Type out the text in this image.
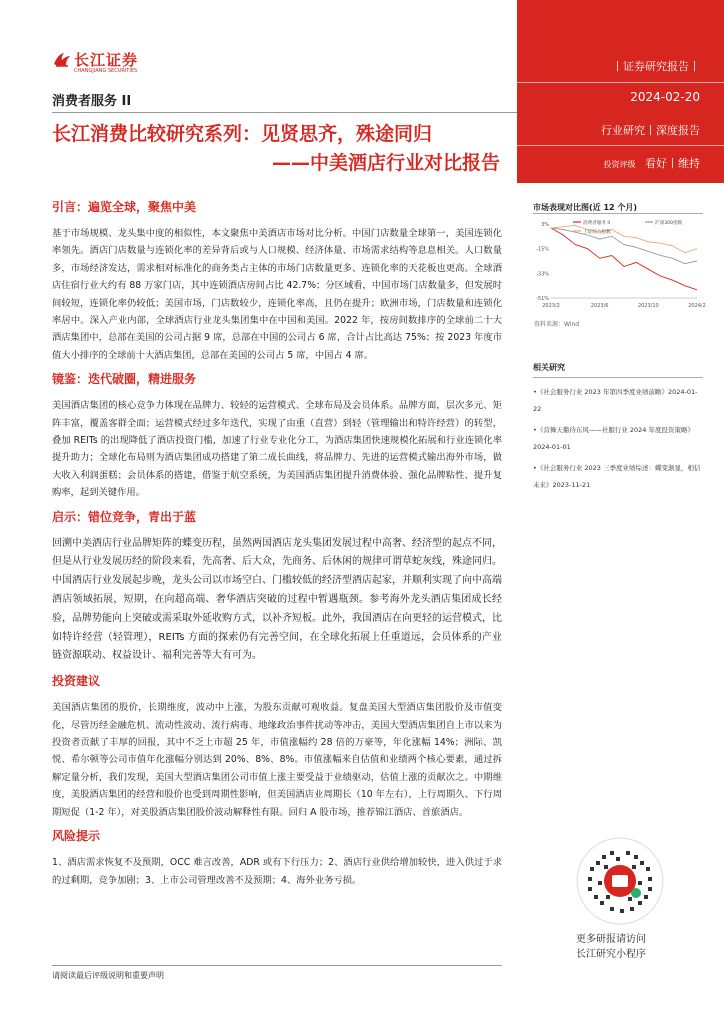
丨证券研究报告丨
2024-02-20
行业研究丨深度报告
投资评级 看好丨维持
长江证券
CHANGJIANG SECURITIES
消费者服务 II
长江消费比较研究系列：见贤思齐，殊途同归
——中美酒店行业对比报告
引言：遍览全球，聚焦中美

基于市场规模、龙头集中度的相似性，本文聚焦中美酒店市场对比分析。中国门店数量全球第一，美国连锁化率领先。酒店门店数量与连锁化率的差异背后或与人口规模、经济体量、市场需求结构等息息相关。人口数量多，市场经济发达，需求相对标准化的商务类占主体的市场门店数量更多、连锁化率的天花板也更高。全球酒店住宿行业大约有 88 万家门店，其中连锁酒店房间占比 42.7%；分区域看，中国市场门店数量多，但发展时间较短，连锁化率仍较低；美国市场，门店数较少，连锁化率高，且仍在提升；欧洲市场，门店数量和连锁化率居中。深入产业内部，全球酒店行业龙头集团集中在中国和美国。2022 年，按房间数排序的全球前二十大酒店集团中，总部在美国的公司占据 9 席，总部在中国的公司占 6 席，合计占比高达 75%；按 2023 年度市值大小排序的全球前十大酒店集团，总部在美国的公司占 5 席，中国占 4 席。

镜鉴：迭代破圈，精进服务

美国酒店集团的核心竞争力体现在品牌力、较轻的运营模式、全球布局及会员体系。品牌方面，层次多元、矩阵丰富，覆盖客群全面；运营模式经过多年迭代，实现了由重（直营）到轻（管理输出和特许经营）的转型，叠加 REITs 的出现降低了酒店投资门槛，加速了行业专业化分工，为酒店集团快速规模化拓展和行业连锁化率提升助力；全球化布局则为酒店集团成功搭建了第二成长曲线，将品牌力、先进的运营模式输出海外市场，做大收入利润蛋糕；会员体系的搭建，借鉴于航空系统，为美国酒店集团提升消费体验、强化品牌粘性、提升复购率，起到关键作用。

启示：错位竞争，青出于蓝

回溯中美酒店行业品牌矩阵的蝶变历程，虽然两国酒店龙头集团发展过程中高奢、经济型的起点不同，但是从行业发展历经的阶段来看，先高奢、后大众，先商务、后休闲的规律可谓草蛇灰线，殊途同归。中国酒店行业发展起步晚，龙头公司以市场空白、门槛较低的经济型酒店起家，并顺利实现了向中高端酒店领域拓展，短期，在向超高端、奢华酒店突破的过程中暂遇瓶颈。参考海外龙头酒店集团成长经验，品牌势能向上突破或需采取外延收购方式，以补齐短板。此外，我国酒店在向更轻的运营模式，比如特许经营（轻管理），REITs 方面的探索仍有完善空间，在全球化拓展上任重道远，会员体系的产业链资源联动、权益设计、福利完善等大有可为。

投资建议

美国酒店集团的股价，长期维度，波动中上涨，为股东贡献可观收益。复盘美国大型酒店集团股价及市值变化，尽管历经金融危机、流动性波动、流行病毒、地缘政治事件扰动等冲击，美国大型酒店集团自上市以来为投资者贡献了丰厚的回报，其中不乏上市超 25 年，市值涨幅约 28 倍的万豪等，年化涨幅 14%；洲际、凯悦、希尔顿等公司市值年化涨幅分别达到 20%、8%、8%。市值涨幅来自估值和业绩两个核心要素，通过拆解定量分析，我们发现，美国大型酒店集团公司市值上涨主要受益于业绩驱动，估值上涨的贡献次之。中期维度，美股酒店集团的经营和股价也受到周期性影响，但美国酒店业周期长（10 年左右），上行周期久、下行周期短促（1-2 年），对美股酒店集团股价波动解释性有限。回归 A 股市场，推荐锦江酒店、首旅酒店。

风险提示

1、酒店需求恢复不及预期，OCC 难言改善，ADR 或有下行压力；2、酒店行业供给增加较快，进入供过于求的过剩期，竞争加剧；3、上市公司管理改善不及预期；4、海外业务亏损。

市场表现对比图(近 12 个月)
3%
-15%
-33%
-51%
2023/2	2023/6	2023/10	2024/2
消费者服务 II	沪深300指数
上证综合指数
资料来源：Wind
相关研究
•《社会服务行业 2023 年第四季度业绩前瞻》2024-01-22
•《营舞天衢待东风——社服行业 2024 年度投资策略》2024-01-01
•《社会服务行业 2023 三季度业绩综述：蝶变渐显，相信未来》2023-11-21
更多研报请访问
长江研究小程序
请阅读最后评级说明和重要声明
